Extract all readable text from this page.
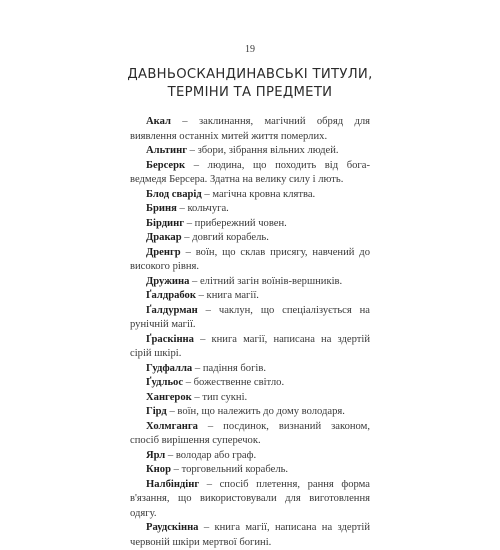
19
ДАВНЬОСКАНДИНАВСЬКІ ТИТУЛИ,
ТЕРМІНИ ТА ПРЕДМЕТИ

Акал – заклинання, магічний обряд для виявлення останніх митей життя померлих.

Альтинг – збори, зібрання вільних людей.

Берсерк – людина, що походить від бога-ведмедя Берсера. Здатна на велику силу і лють.

Блод сварід – магічна кровна клятва.

Бриня – кольчуга.

Бірдинг – прибережний човен.

Дракар – довгий корабель.

Дренгр – воїн, що склав присягу, навчений до високого рівня.

Дружина – елітний загін воїнів-вершників.

Ґалдрабок – книга магії.

Ґалдурман – чаклун, що спеціалізується на рунічній магії.

Ґраскінна – книга магії, написана на здертій сірій шкірі.

Гудфалла – падіння богів.

Ґудльос – божественне світло.

Хангерок – тип сукні.

Гірд – воїн, що належить до дому володаря.

Холмганга – посдинок, визнаний законом, спосіб вирішення суперечок.

Ярл – володар або граф.

Кнор – торговельний корабель.

Налбіндінг – спосіб плетення, рання форма в'язання, що використовували для виготовлення одягу.

Раудскінна – книга магії, написана на здертій червоній шкіри мертвої богині.
